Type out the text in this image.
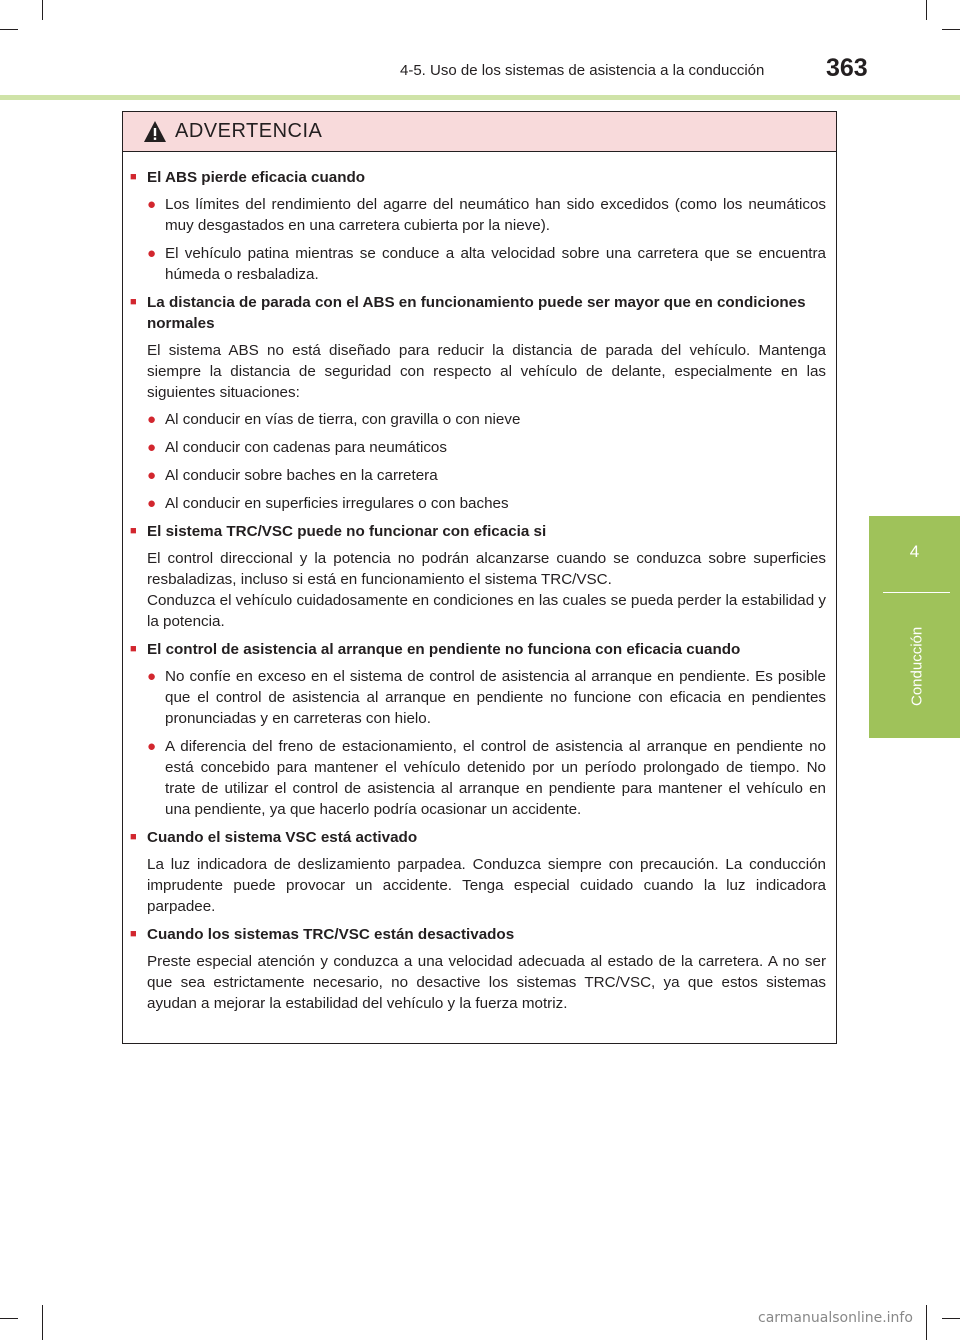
4-5. Uso de los sistemas de asistencia a la conducción 363
4
Conducción
ADVERTENCIA
■ El ABS pierde eficacia cuando
● Los límites del rendimiento del agarre del neumático han sido excedidos (como los neumáticos muy desgastados en una carretera cubierta por la nieve).
● El vehículo patina mientras se conduce a alta velocidad sobre una carretera que se encuentra húmeda o resbaladiza.
■ La distancia de parada con el ABS en funcionamiento puede ser mayor que en condiciones normales

El sistema ABS no está diseñado para reducir la distancia de parada del vehículo. Mantenga siempre la distancia de seguridad con respecto al vehículo de delante, especialmente en las siguientes situaciones:

● Al conducir en vías de tierra, con gravilla o con nieve
● Al conducir con cadenas para neumáticos
● Al conducir sobre baches en la carretera
● Al conducir en superficies irregulares o con baches
■ El sistema TRC/VSC puede no funcionar con eficacia si

El control direccional y la potencia no podrán alcanzarse cuando se conduzca sobre superficies resbaladizas, incluso si está en funcionamiento el sistema TRC/VSC.

Conduzca el vehículo cuidadosamente en condiciones en las cuales se pueda perder la estabilidad y la potencia.

■ El control de asistencia al arranque en pendiente no funciona con eficacia cuando
● No confíe en exceso en el sistema de control de asistencia al arranque en pendiente. Es posible que el control de asistencia al arranque en pendiente no funcione con eficacia en pendientes pronunciadas y en carreteras con hielo.
● A diferencia del freno de estacionamiento, el control de asistencia al arranque en pendiente no está concebido para mantener el vehículo detenido por un período prolongado de tiempo. No trate de utilizar el control de asistencia al arranque en pendiente para mantener el vehículo en una pendiente, ya que hacerlo podría ocasionar un accidente.
■ Cuando el sistema VSC está activado

La luz indicadora de deslizamiento parpadea. Conduzca siempre con precaución. La conducción imprudente puede provocar un accidente. Tenga especial cuidado cuando la luz indicadora parpadee.

■ Cuando los sistemas TRC/VSC están desactivados

Preste especial atención y conduzca a una velocidad adecuada al estado de la carretera. A no ser que sea estrictamente necesario, no desactive los sistemas TRC/VSC, ya que estos sistemas ayudan a mejorar la estabilidad del vehículo y la fuerza motriz.

carmanualsonline.info
